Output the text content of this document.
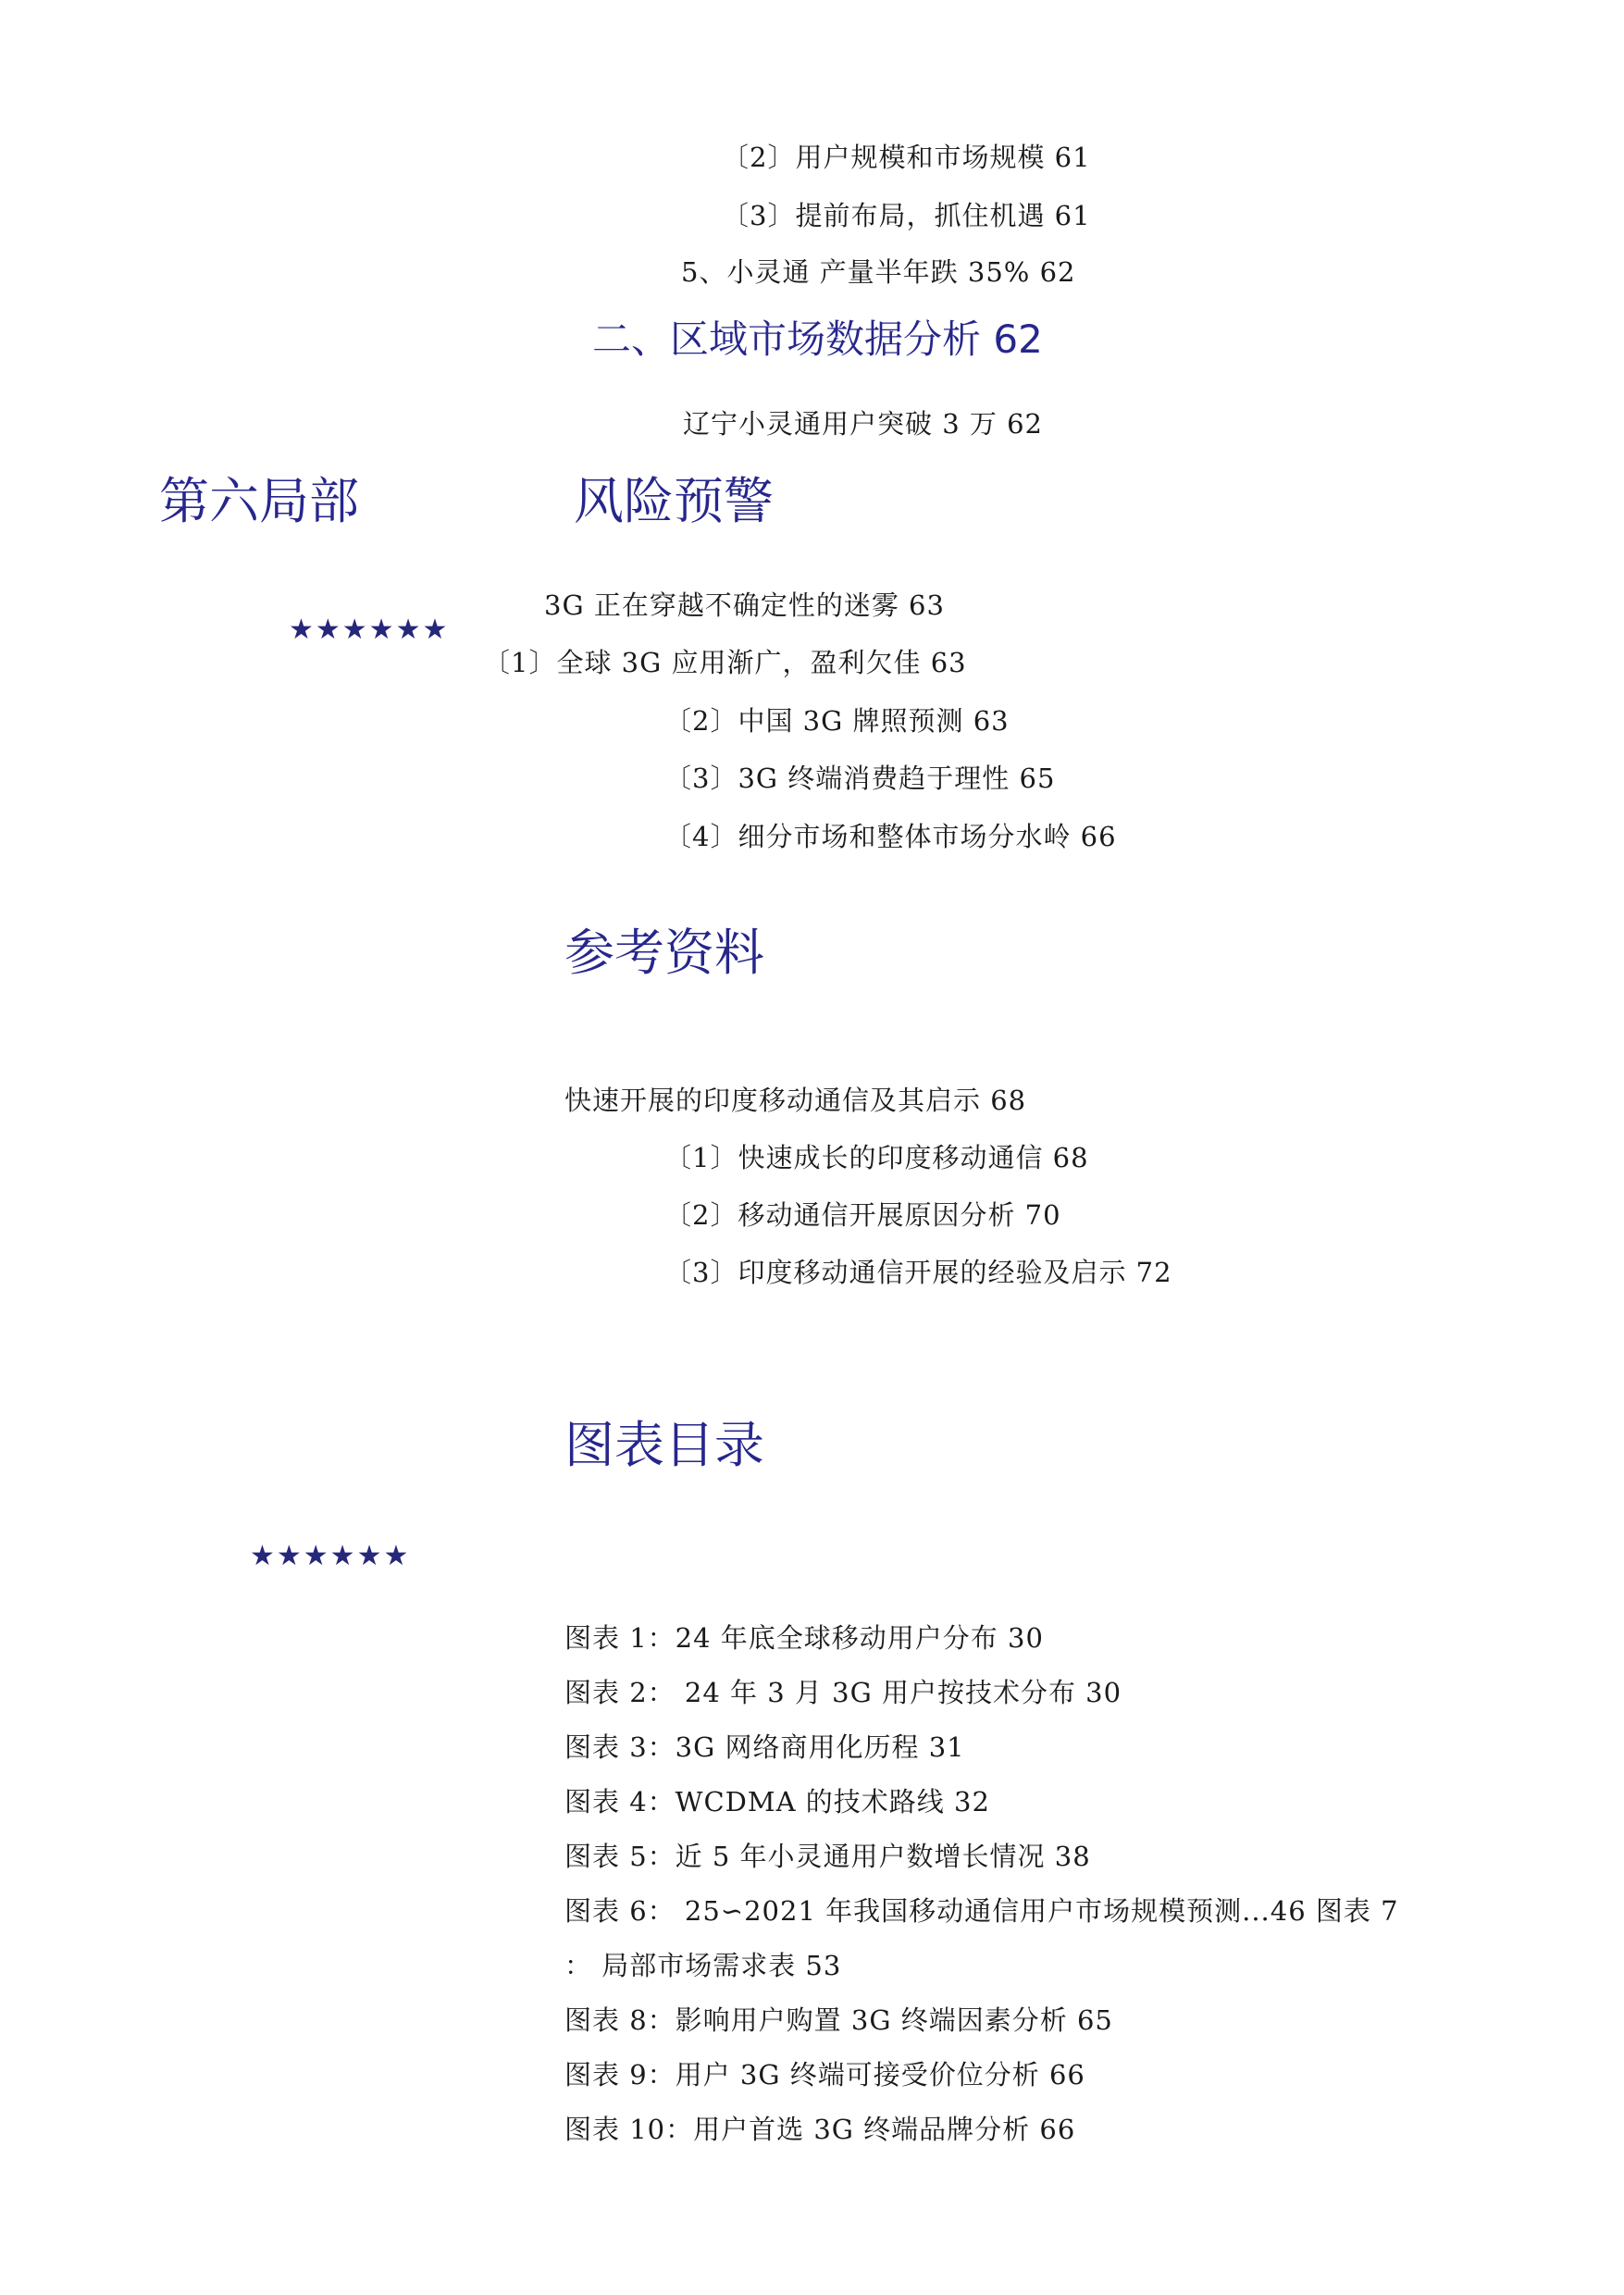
〔2〕用户规模和市场规模 61
〔3〕提前布局，抓住机遇 61
5、小灵通 产量半年跌 35% 62
二、区域市场数据分析 62
辽宁小灵通用户突破 3 万 62
第六局部	风险预警
★★★★★★
3G 正在穿越不确定性的迷雾 63
〔1〕全球 3G 应用渐广，盈利欠佳 63
〔2〕中国 3G 牌照预测 63
〔3〕3G 终端消费趋于理性 65
〔4〕细分市场和整体市场分水岭 66
参考资料
快速开展的印度移动通信及其启示 68
〔1〕快速成长的印度移动通信 68
〔2〕移动通信开展原因分析 70
〔3〕印度移动通信开展的经验及启示 72
图表目录
★★★★★★
图表 1：24 年底全球移动用户分布 30
图表 2： 24 年 3 月 3G 用户按技术分布 30
图表 3：3G 网络商用化历程 31
图表 4：WCDMA 的技术路线 32
图表 5：近 5 年小灵通用户数增长情况 38
图表 6： 25∽2021 年我国移动通信用户市场规模预测...46 图表 7
： 局部市场需求表 53
图表 8：影响用户购置 3G 终端因素分析 65
图表 9：用户 3G 终端可接受价位分析 66
图表 10：用户首选 3G 终端品牌分析 66
